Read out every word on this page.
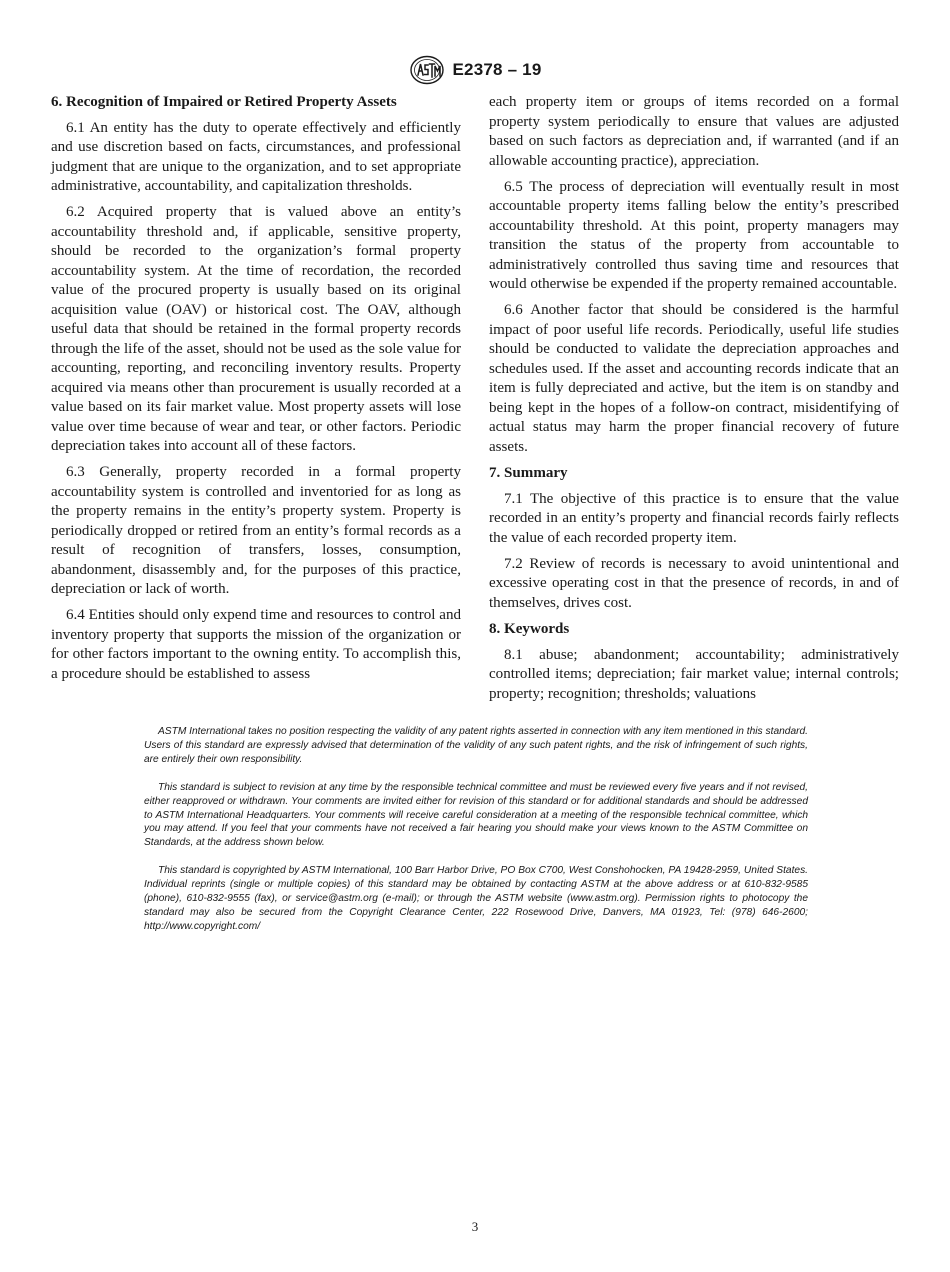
E2378 – 19
6. Recognition of Impaired or Retired Property Assets

6.1 An entity has the duty to operate effectively and efficiently and use discretion based on facts, circumstances, and professional judgment that are unique to the organization, and to set appropriate administrative, accountability, and capitalization thresholds.

6.2 Acquired property that is valued above an entity’s accountability threshold and, if applicable, sensitive property, should be recorded to the organization’s formal property accountability system. At the time of recordation, the recorded value of the procured property is usually based on its original acquisition value (OAV) or historical cost. The OAV, although useful data that should be retained in the formal property records through the life of the asset, should not be used as the sole value for accounting, reporting, and reconciling inventory results. Property acquired via means other than procurement is usually recorded at a value based on its fair market value. Most property assets will lose value over time because of wear and tear, or other factors. Periodic depreciation takes into account all of these factors.

6.3 Generally, property recorded in a formal property accountability system is controlled and inventoried for as long as the property remains in the entity’s property system. Property is periodically dropped or retired from an entity’s formal records as a result of recognition of transfers, losses, consumption, abandonment, disassembly and, for the purposes of this practice, depreciation or lack of worth.

6.4 Entities should only expend time and resources to control and inventory property that supports the mission of the organization or for other factors important to the owning entity. To accomplish this, a procedure should be established to assess

each property item or groups of items recorded on a formal property system periodically to ensure that values are adjusted based on such factors as depreciation and, if warranted (and if an allowable accounting practice), appreciation.

6.5 The process of depreciation will eventually result in most accountable property items falling below the entity’s prescribed accountability threshold. At this point, property managers may transition the status of the property from accountable to administratively controlled thus saving time and resources that would otherwise be expended if the property remained accountable.

6.6 Another factor that should be considered is the harmful impact of poor useful life records. Periodically, useful life studies should be conducted to validate the depreciation approaches and schedules used. If the asset and accounting records indicate that an item is fully depreciated and active, but the item is on standby and being kept in the hopes of a follow-on contract, misidentifying of actual status may harm the proper financial recovery of future assets.

7. Summary

7.1 The objective of this practice is to ensure that the value recorded in an entity’s property and financial records fairly reflects the value of each recorded property item.

7.2 Review of records is necessary to avoid unintentional and excessive operating cost in that the presence of records, in and of themselves, drives cost.

8. Keywords

8.1 abuse; abandonment; accountability; administratively controlled items; depreciation; fair market value; internal controls; property; recognition; thresholds; valuations

ASTM International takes no position respecting the validity of any patent rights asserted in connection with any item mentioned in this standard. Users of this standard are expressly advised that determination of the validity of any such patent rights, and the risk of infringement of such rights, are entirely their own responsibility.

This standard is subject to revision at any time by the responsible technical committee and must be reviewed every five years and if not revised, either reapproved or withdrawn. Your comments are invited either for revision of this standard or for additional standards and should be addressed to ASTM International Headquarters. Your comments will receive careful consideration at a meeting of the responsible technical committee, which you may attend. If you feel that your comments have not received a fair hearing you should make your views known to the ASTM Committee on Standards, at the address shown below.

This standard is copyrighted by ASTM International, 100 Barr Harbor Drive, PO Box C700, West Conshohocken, PA 19428-2959, United States. Individual reprints (single or multiple copies) of this standard may be obtained by contacting ASTM at the above address or at 610-832-9585 (phone), 610-832-9555 (fax), or service@astm.org (e-mail); or through the ASTM website (www.astm.org). Permission rights to photocopy the standard may also be secured from the Copyright Clearance Center, 222 Rosewood Drive, Danvers, MA 01923, Tel: (978) 646-2600; http://www.copyright.com/

3
